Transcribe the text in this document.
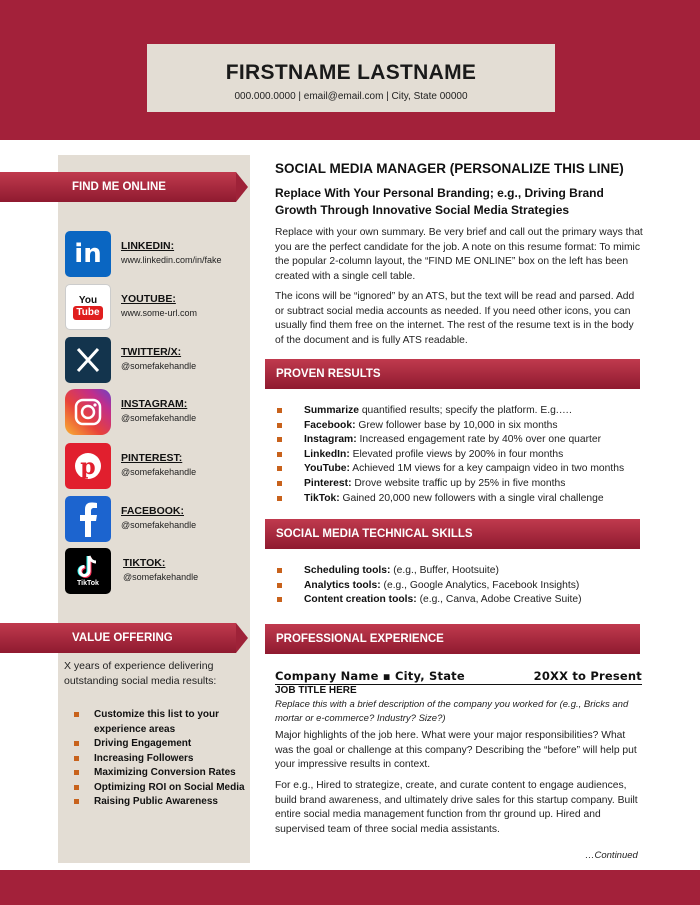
FIRSTNAME LASTNAME
000.000.0000 | email@email.com | City, State 00000
FIND ME ONLINE
in	LINKEDIN:
www.linkedin.com/in/fake
You
Tube
YOUTUBE:
www.some-url.com
TWITTER/X:
@somefakehandle
INSTAGRAM:
@somefakehandle
p PINTEREST:
@somefakehandle
FACEBOOK:
@somefakehandle
TikTok
TIKTOK:
@somefakehandle
VALUE OFFERING
X years of experience delivering outstanding social media results:
Customize this list to your experience areas
Driving Engagement
Increasing Followers
Maximizing Conversion Rates
Optimizing ROI on Social Media
Raising Public Awareness
SOCIAL MEDIA MANAGER (PERSONALIZE THIS LINE)
Replace With Your Personal Branding; e.g., Driving Brand Growth Through Innovative Social Media Strategies
Replace with your own summary. Be very brief and call out the primary ways that you are the perfect candidate for the job. A note on this resume format: To mimic the popular 2-column layout, the “FIND ME ONLINE” box on the left has been created with a single cell table.
The icons will be “ignored” by an ATS, but the text will be read and parsed. Add or subtract social media accounts as needed. If you need other icons, you can usually find them free on the internet. The rest of the resume text is in the body of the document and is fully ATS readable.
PROVEN RESULTS
Summarize quantified results; specify the platform. E.g.….
Facebook: Grew follower base by 10,000 in six months
Instagram: Increased engagement rate by 40% over one quarter
LinkedIn: Elevated profile views by 200% in four months
YouTube: Achieved 1M views for a key campaign video in two months
Pinterest: Drove website traffic up by 25% in five months
TikTok: Gained 20,000 new followers with a single viral challenge
SOCIAL MEDIA TECHNICAL SKILLS
Scheduling tools: (e.g., Buffer, Hootsuite)
Analytics tools: (e.g., Google Analytics, Facebook Insights)
Content creation tools: (e.g., Canva, Adobe Creative Suite)
PROFESSIONAL EXPERIENCE
Company Name ▪ City, State	20XX to Present
JOB TITLE HERE
Replace this with a brief description of the company you worked for (e.g., Bricks and mortar or e-commerce? Industry? Size?)
Major highlights of the job here. What were your major responsibilities? What was the goal or challenge at this company? Describing the “before” will help put your impressive results in context.
For e.g., Hired to strategize, create, and curate content to engage audiences, build brand awareness, and ultimately drive sales for this startup company. Built entire social media management function from thr ground up. Hired and supervised team of three social media assistants.
…Continued
